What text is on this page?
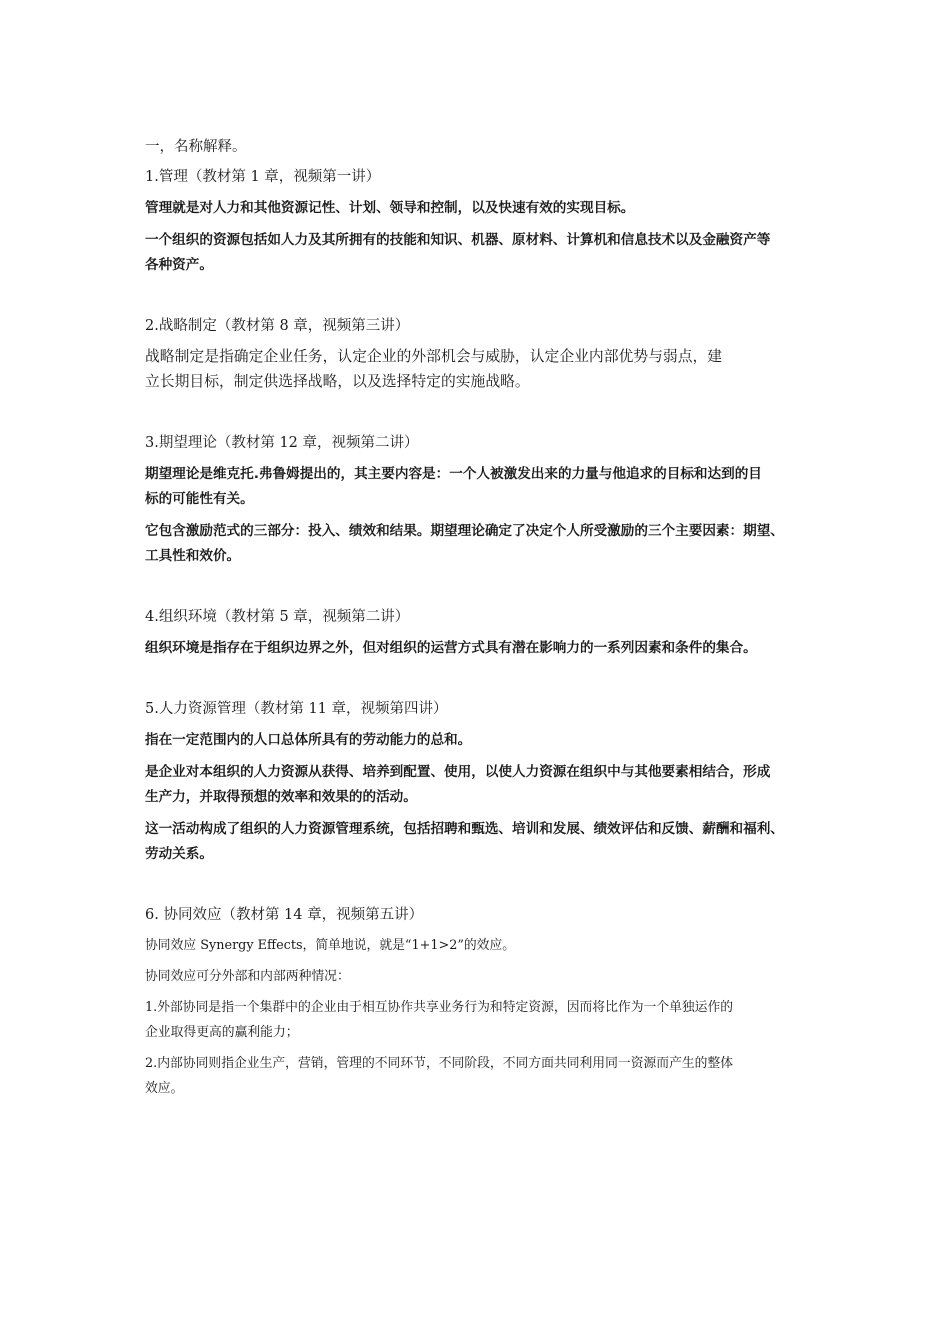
一，名称解释。
1.管理（教材第 1 章，视频第一讲）
管理就是对人力和其他资源记性、计划、领导和控制，以及快速有效的实现目标。
一个组织的资源包括如人力及其所拥有的技能和知识、机器、原材料、计算机和信息技术以及金融资产等
各种资产。
2.战略制定（教材第 8 章，视频第三讲）
战略制定是指确定企业任务，认定企业的外部机会与威胁，认定企业内部优势与弱点，建
立长期目标，制定供选择战略，以及选择特定的实施战略。
3.期望理论（教材第 12 章，视频第二讲）
期望理论是维克托.弗鲁姆提出的，其主要内容是：一个人被激发出来的力量与他追求的目标和达到的目
标的可能性有关。
它包含激励范式的三部分：投入、绩效和结果。期望理论确定了决定个人所受激励的三个主要因素：期望、
工具性和效价。
4.组织环境（教材第 5 章，视频第二讲）
组织环境是指存在于组织边界之外，但对组织的运营方式具有潜在影响力的一系列因素和条件的集合。
5.人力资源管理（教材第 11 章，视频第四讲）
指在一定范围内的人口总体所具有的劳动能力的总和。
是企业对本组织的人力资源从获得、培养到配置、使用，以使人力资源在组织中与其他要素相结合，形成
生产力，并取得预想的效率和效果的的活动。
这一活动构成了组织的人力资源管理系统，包括招聘和甄选、培训和发展、绩效评估和反馈、薪酬和福利、
劳动关系。
6. 协同效应（教材第 14 章，视频第五讲）
协同效应 Synergy Effects，简单地说，就是“1+1>2”的效应。
协同效应可分外部和内部两种情况：
1.外部协同是指一个集群中的企业由于相互协作共享业务行为和特定资源，因而将比作为一个单独运作的
企业取得更高的赢利能力；
2.内部协同则指企业生产，营销，管理的不同环节，不同阶段，不同方面共同利用同一资源而产生的整体
效应。
